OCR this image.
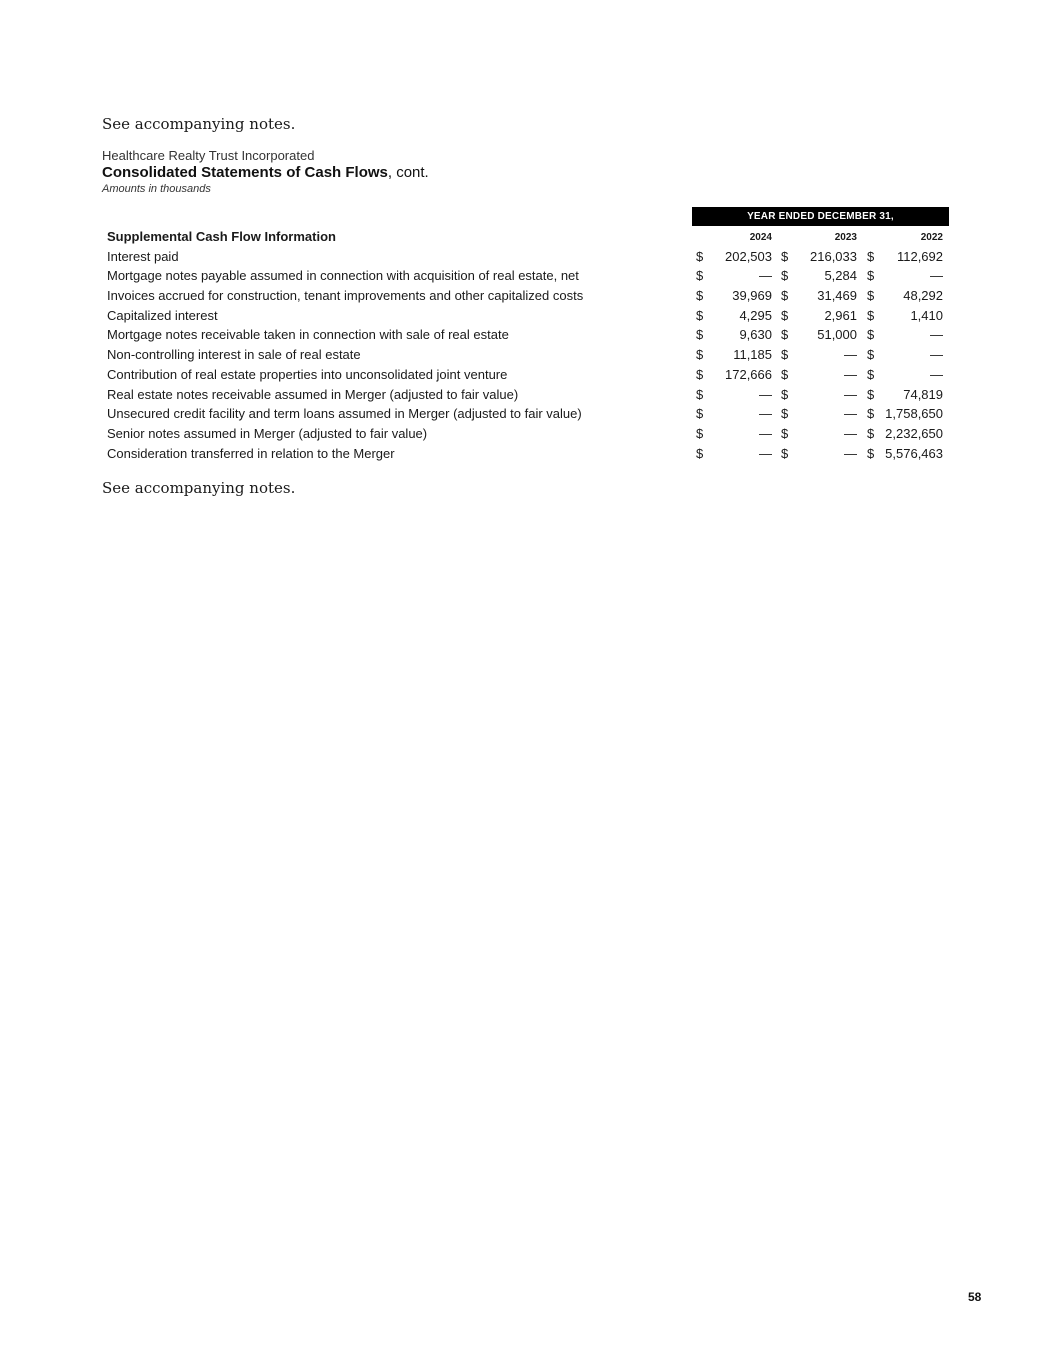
See accompanying notes.
Healthcare Realty Trust Incorporated
Consolidated Statements of Cash Flows, cont.
Amounts in thousands
YEAR ENDED DECEMBER 31,
Supplemental Cash Flow Information	2024	2023	2022
Interest paid	$	202,503 $	216,033 $	112,692
Mortgage notes payable assumed in connection with acquisition of real estate, net	$	— $	5,284 $	—
Invoices accrued for construction, tenant improvements and other capitalized costs	$	39,969 $	31,469 $	48,292
Capitalized interest	$	4,295 $	2,961 $	1,410
Mortgage notes receivable taken in connection with sale of real estate	$	9,630 $	51,000 $	—
Non-controlling interest in sale of real estate	$	11,185 $	— $	—
Contribution of real estate properties into unconsolidated joint venture	$	172,666 $	— $	—
Real estate notes receivable assumed in Merger (adjusted to fair value)	$	— $	— $	74,819
Unsecured credit facility and term loans assumed in Merger (adjusted to fair value)	$	— $	— $ 1,758,650
Senior notes assumed in Merger (adjusted to fair value)	$	— $	— $ 2,232,650
Consideration transferred in relation to the Merger	$	— $	— $ 5,576,463
See accompanying notes.
58
